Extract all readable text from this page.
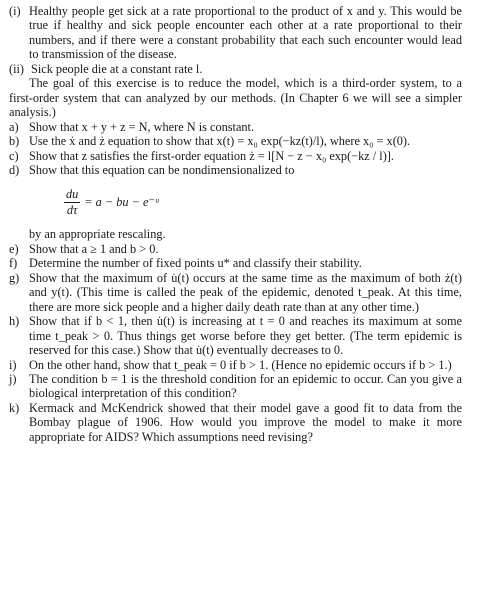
(i) Healthy people get sick at a rate proportional to the product of x and y. This would be true if healthy and sick people encounter each other at a rate proportional to their numbers, and if there were a constant probability that each such encounter would lead to transmission of the disease.
(ii) Sick people die at a constant rate l.
The goal of this exercise is to reduce the model, which is a third-order system, to a first-order system that can analyzed by our methods. (In Chapter 6 we will see a simpler analysis.)
a) Show that x + y + z = N, where N is constant.
b) Use the ẋ and ż equation to show that x(t) = x₀ exp(−kz(t)/l), where x₀ = x(0).
c) Show that z satisfies the first-order equation ż = l[N − z − x₀ exp(−kz / l)].
d) Show that this equation can be nondimensionalized to
$\frac{du}{d\tau} = a$ − bu − e⁻ᵘ
by an appropriate rescaling.
e) Show that a ≥ 1 and b > 0.
f) Determine the number of fixed points u* and classify their stability.
g) Show that the maximum of u̇(t) occurs at the same time as the maximum of both ż(t) and y(t). (This time is called the peak of the epidemic, denoted t_peak. At this time, there are more sick people and a higher daily death rate than at any other time.)
h) Show that if b < 1, then u̇(t) is increasing at t = 0 and reaches its maximum at some time t_peak > 0. Thus things get worse before they get better. (The term epidemic is reserved for this case.) Show that u̇(t) eventually decreases to 0.
i)	On the other hand, show that t_peak = 0 if b > 1. (Hence no epidemic occurs if b > 1.)
j)	The condition b = 1 is the threshold condition for an epidemic to occur. Can you give a biological interpretation of this condition?
k) Kermack and McKendrick showed that their model gave a good fit to data from the Bombay plague of 1906. How would you improve the model to make it more appropriate for AIDS? Which assumptions need revising?
